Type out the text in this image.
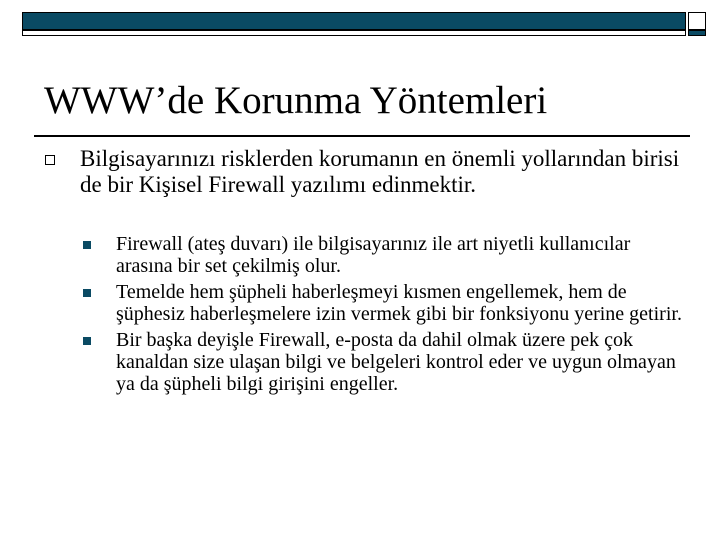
WWW’de Korunma Yöntemleri
Bilgisayarınızı risklerden korumanın en önemli yollarından birisi de bir Kişisel Firewall yazılımı edinmektir.
Firewall (ateş duvarı) ile bilgisayarınız ile art niyetli kullanıcılar arasına bir set çekilmiş olur.
Temelde hem şüpheli haberleşmeyi kısmen engellemek, hem de şüphesiz haberleşmelere izin vermek gibi bir fonksiyonu yerine getirir.
Bir başka deyişle Firewall, e-posta da dahil olmak üzere pek çok kanaldan size ulaşan bilgi ve belgeleri kontrol eder ve uygun olmayan ya da şüpheli bilgi girişini engeller.
